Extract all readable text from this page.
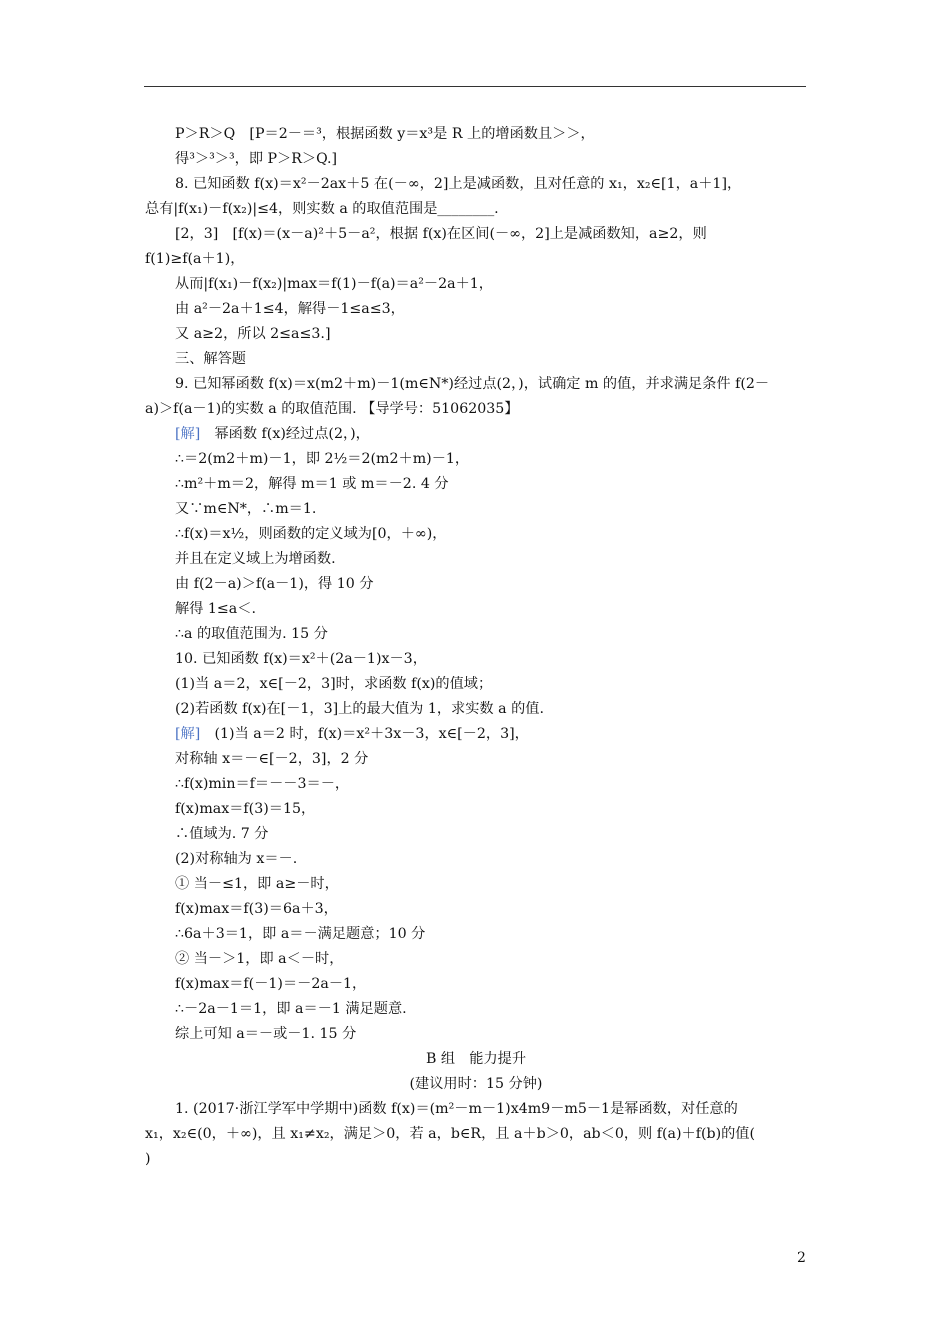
P＞R＞Q　[P＝2－＝³，根据函数 y＝x³是 R 上的增函数且＞＞，
得³＞³＞³，即 P＞R＞Q.]
8. 已知函数 f(x)＝x²－2ax＋5 在(－∞，2]上是减函数，且对任意的 x₁，x₂∈[1，a＋1]，
总有|f(x₁)－f(x₂)|≤4，则实数 a 的取值范围是________.
[2，3]　[f(x)＝(x－a)²＋5－a²，根据 f(x)在区间(－∞，2]上是减函数知，a≥2，则
f(1)≥f(a＋1)，
从而|f(x₁)－f(x₂)|max＝f(1)－f(a)＝a²－2a＋1，
由 a²－2a＋1≤4，解得－1≤a≤3，
又 a≥2，所以 2≤a≤3.]
三、解答题
9. 已知幂函数 f(x)＝x(m2＋m)－1(m∈N*)经过点(2，)，试确定 m 的值，并求满足条件 f(2－
a)＞f(a－1)的实数 a 的取值范围. 【导学号：51062035】
[解]　 幂函数 f(x)经过点(2，)，
∴＝2(m2＋m)－1，即 2½＝2(m2＋m)－1，
∴m²＋m＝2，解得 m＝1 或 m＝－2. 4 分
又∵m∈N*，∴m＝1.
∴f(x)＝x½，则函数的定义域为[0，＋∞)，
并且在定义域上为增函数.
由 f(2－a)＞f(a－1)，得 10 分
解得 1≤a＜.
∴a 的取值范围为. 15 分
10. 已知函数 f(x)＝x²＋(2a－1)x－3，
(1)当 a＝2，x∈[－2，3]时，求函数 f(x)的值域；
(2)若函数 f(x)在[－1，3]上的最大值为 1，求实数 a 的值.
[解]　 (1)当 a＝2 时，f(x)＝x²＋3x－3，x∈[－2，3]，
对称轴 x＝－∈[－2，3]，2 分
∴f(x)min＝f＝－－3＝－，
f(x)max＝f(3)＝15，
∴值域为. 7 分
(2)对称轴为 x＝－.
① 当－≤1，即 a≥－时，
f(x)max＝f(3)＝6a＋3，
∴6a＋3＝1，即 a＝－满足题意；10 分
② 当－＞1，即 a＜－时，
f(x)max＝f(－1)＝－2a－1，
∴－2a－1＝1，即 a＝－1 满足题意.
综上可知 a＝－或－1. 15 分
B 组　能力提升
(建议用时：15 分钟)
1. (2017·浙江学军中学期中)函数 f(x)＝(m²－m－1)x4m9－m5－1是幂函数，对任意的
x₁，x₂∈(0，＋∞)，且 x₁≠x₂，满足＞0，若 a，b∈R，且 a＋b＞0，ab＜0，则 f(a)＋f(b)的值(
)
2
